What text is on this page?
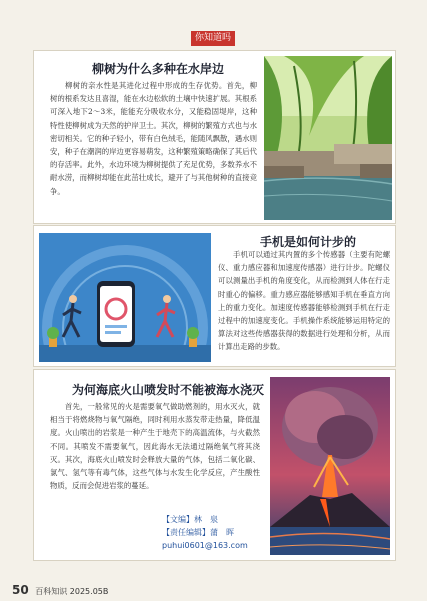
你知道吗
柳树为什么多种在水岸边

柳树的亲水性是其进化过程中形成的生存优势。首先，柳树的根系发达且喜湿，能在水边松软的土壤中快速扩展。其根系可深入地下2～3米，能能充分吸收水分，又能稳固堤岸，这种特性使柳树成为天然的护岸卫士。其次，柳树的繁殖方式也与水密切相关。它的种子轻小，带有白色绒毛，能随风飘散，遇水则安，种子在潮润的岸边更容易萌发，这种繁殖策略确保了其后代的存活率。此外，水边环境为柳树提供了充足优势，多数养水不耐水涝，而柳树却能在此茁壮成长，避开了与其他树种的直接竞争。

手机是如何计步的

手机可以通过其内置的多个传感器（主要有陀螺仪、重力感应器和加速度传感器）进行计步。陀螺仪可以测量出手机的角度变化，从而检测到人体在行走时重心的偏移。重力感应器能够感知手机在垂直方向上的重力变化。加速度传感器能够检测到手机在行走过程中的加速度变化。手机操作系统能够运用特定的算法对这些传感器获得的数据进行处理和分析，从而计算出走路的步数。

为何海底火山喷发时不能被海水浇灭

首先，一般常见的火是需要氧气做助燃剂的，用水灭火，就相当于将燃烧物与氧气隔绝，同时利用水蒸发带走热量，降低温度。火山喷出的岩浆是一种产生于地壳下的高温流体，与火截然不同。其喷发不需要氧气，因此海水无法通过隔绝氧气将其浇灭。其次，海底火山喷发时会释放大量的气体，包括二氧化碳、氯气、氢气等有毒气体，这些气体与水发生化学反应，产生酸性物质，反而会促进岩浆的蔓延。

【文编】林　泉
【责任编辑】蒲　晖
puhui0601@163.com
50 百科知识 2025.05B
